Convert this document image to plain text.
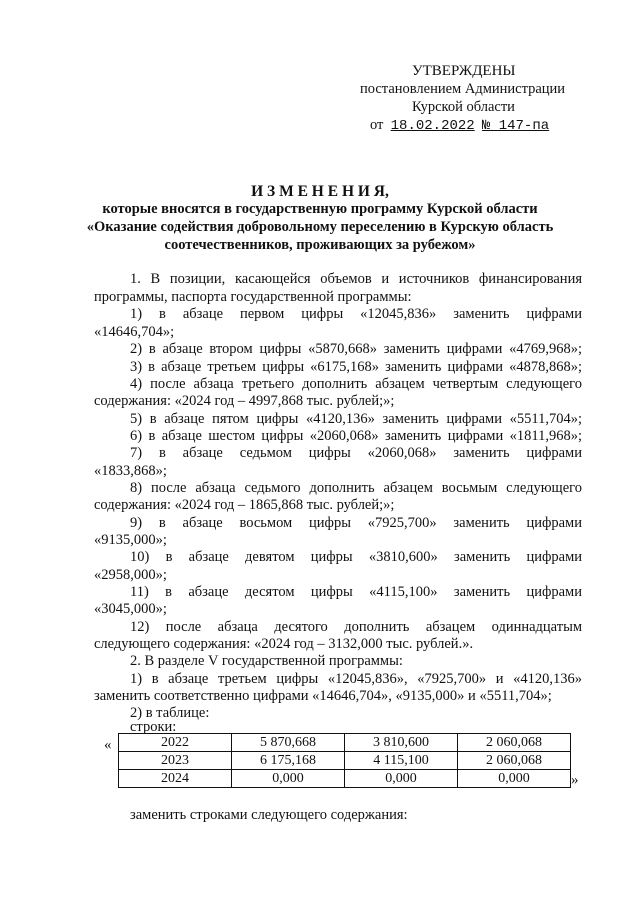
УТВЕРЖДЕНЫ
постановлением Администрации
Курской области
от 18.02.2022 № 147-па
И З М Е Н Е Н И Я,
которые вносятся в государственную программу Курской области
«Оказание содействия добровольному переселению в Курскую область
соотечественников, проживающих за рубежом»
1. В позиции, касающейся объемов и источников финансирования
программы, паспорта государственной программы:
1) в абзаце первом цифры «12045,836» заменить цифрами
«14646,704»;
2) в абзаце втором цифры «5870,668» заменить цифрами «4769,968»;
3) в абзаце третьем цифры «6175,168» заменить цифрами «4878,868»;
4) после абзаца третьего дополнить абзацем четвертым следующего
содержания: «2024 год – 4997,868 тыс. рублей;»;
5) в абзаце пятом цифры «4120,136» заменить цифрами «5511,704»;
6) в абзаце шестом цифры «2060,068» заменить цифрами «1811,968»;
7) в абзаце седьмом цифры «2060,068» заменить цифрами
«1833,868»;
8) после абзаца седьмого дополнить абзацем восьмым следующего
содержания: «2024 год – 1865,868 тыс. рублей;»;
9) в абзаце восьмом цифры «7925,700» заменить цифрами
«9135,000»;
10) в абзаце девятом цифры «3810,600» заменить цифрами
«2958,000»;
11) в абзаце десятом цифры «4115,100» заменить цифрами
«3045,000»;
12) после абзаца десятого дополнить абзацем одиннадцатым
следующего содержания: «2024 год – 3132,000 тыс. рублей.».
2. В разделе V государственной программы:
1) в абзаце третьем цифры «12045,836», «7925,700» и «4120,136»
заменить соответственно цифрами «14646,704», «9135,000» и «5511,704»;
2) в таблице:
строки:
«	2022	5 870,668	3 810,600	2 060,068
2023	6 175,168	4 115,100	2 060,068
2024	0,000	0,000	0,000	»
заменить строками следующего содержания:
